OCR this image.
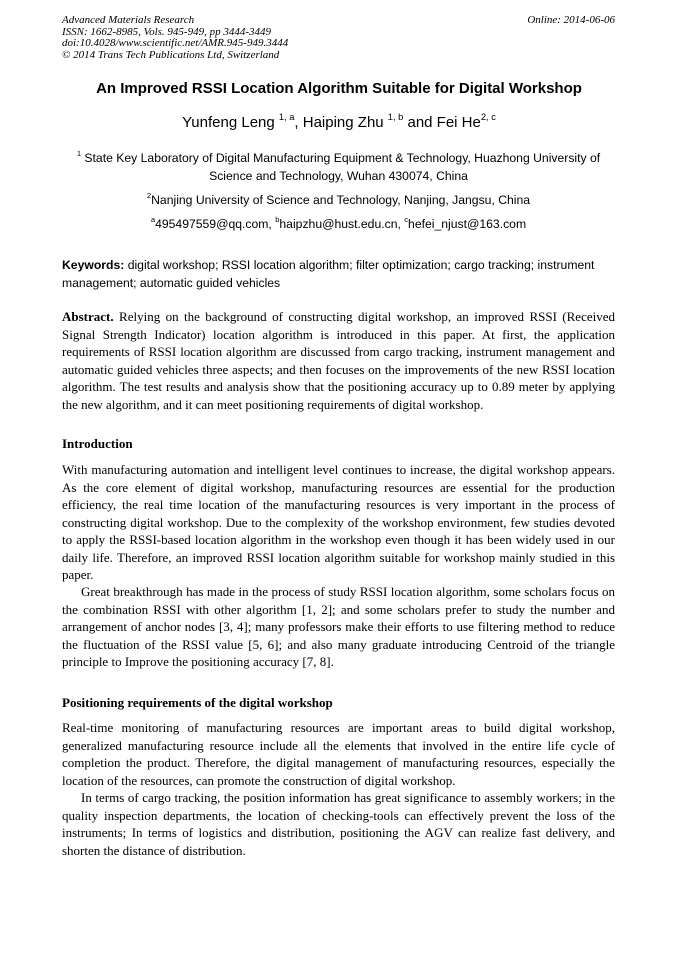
Advanced Materials Research
ISSN: 1662-8985, Vols. 945-949, pp 3444-3449
doi:10.4028/www.scientific.net/AMR.945-949.3444
© 2014 Trans Tech Publications Ltd, Switzerland
Online: 2014-06-06
An Improved RSSI Location Algorithm Suitable for Digital Workshop
Yunfeng Leng $^{1, a}$, Haiping Zhu $^{1, b}$ and Fei He$^{2, c}$
$^1$ State Key Laboratory of Digital Manufacturing Equipment & Technology, Huazhong University of Science and Technology, Wuhan 430074, China
$^2$Nanjing University of Science and Technology, Nanjing, Jangsu, China
$^a$495497559@qq.com, $^b$haipzhu@hust.edu.cn, $^c$hefei_njust@163.com
Keywords: digital workshop; RSSI location algorithm; filter optimization; cargo tracking; instrument management; automatic guided vehicles
Abstract. Relying on the background of constructing digital workshop, an improved RSSI (Received Signal Strength Indicator) location algorithm is introduced in this paper. At first, the application requirements of RSSI location algorithm are discussed from cargo tracking, instrument management and automatic guided vehicles three aspects; and then focuses on the improvements of the new RSSI location algorithm. The test results and analysis show that the positioning accuracy up to 0.89 meter by applying the new algorithm, and it can meet positioning requirements of digital workshop.
Introduction
With manufacturing automation and intelligent level continues to increase, the digital workshop appears. As the core element of digital workshop, manufacturing resources are essential for the production efficiency, the real time location of the manufacturing resources is very important in the process of constructing digital workshop. Due to the complexity of the workshop environment, few studies devoted to apply the RSSI-based location algorithm in the workshop even though it has been widely used in our daily life. Therefore, an improved RSSI location algorithm suitable for workshop mainly studied in this paper.
Great breakthrough has made in the process of study RSSI location algorithm, some scholars focus on the combination RSSI with other algorithm [1, 2]; and some scholars prefer to study the number and arrangement of anchor nodes [3, 4]; many professors make their efforts to use filtering method to reduce the fluctuation of the RSSI value [5, 6]; and also many graduate introducing Centroid of the triangle principle to Improve the positioning accuracy [7, 8].
Positioning requirements of the digital workshop
Real-time monitoring of manufacturing resources are important areas to build digital workshop, generalized manufacturing resource include all the elements that involved in the entire life cycle of completion the product. Therefore, the digital management of manufacturing resources, especially the location of the resources, can promote the construction of digital workshop.
In terms of cargo tracking, the position information has great significance to assembly workers; in the quality inspection departments, the location of checking-tools can effectively prevent the loss of the instruments; In terms of logistics and distribution, positioning the AGV can realize fast delivery, and shorten the distance of distribution.
